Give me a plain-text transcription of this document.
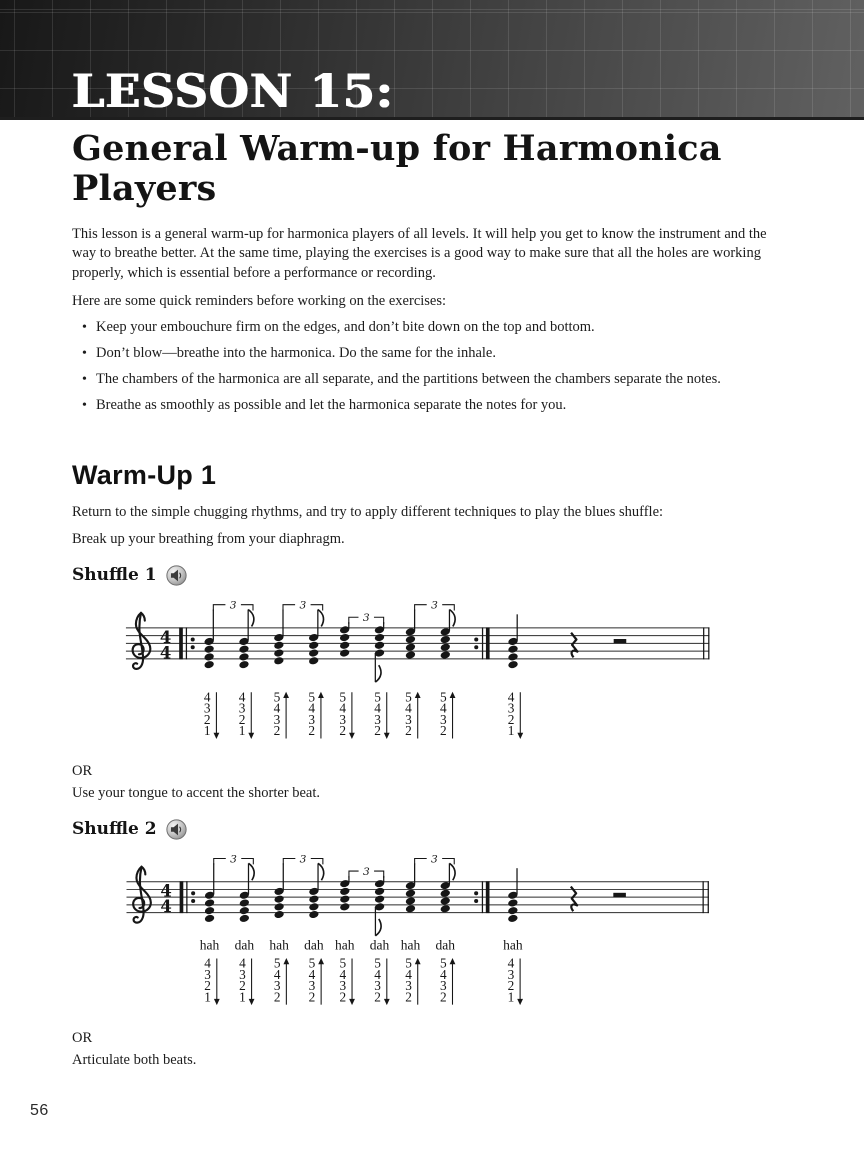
LESSON 15:
General Warm-up for Harmonica Players

This lesson is a general warm-up for harmonica players of all levels. It will help you get to know the instrument and the way to breathe better. At the same time, playing the exercises is a good way to make sure that all the holes are working properly, which is essential before a performance or recording.

Here are some quick reminders before working on the exercises:

• Keep your embouchure firm on the edges, and don’t bite down on the top and bottom.
• Don’t blow—breathe into the harmonica. Do the same for the inhale.
• The chambers of the harmonica are all separate, and the partitions between the chambers separate the notes.
• Breathe as smoothly as possible and let the harmonica separate the notes for you.
Warm-Up 1

Return to the simple chugging rhythms, and try to apply different techniques to play the blues shuffle:

Break up your breathing from your diaphragm.

Shuffle 1
4
4
3	3
3
3
4
3
2
1
4
3
2
1
5
4
3
2
5
4
3
2
5
4
3
2
5
4
3
2
5
4
3
2
5
4
3
2
4
3
2
1

OR

Use your tongue to accent the shorter beat.

Shuffle 2
4
4
3	3
3
3
hah
4
3
2
1
dah
4
3
2
1
hah
5
4
3
2
dah
5
4
3
2
hah
5
4
3
2
dah
5
4
3
2
hah
5
4
3
2
dah
5
4
3
2
hah
4
3
2
1

OR

Articulate both beats.

56
